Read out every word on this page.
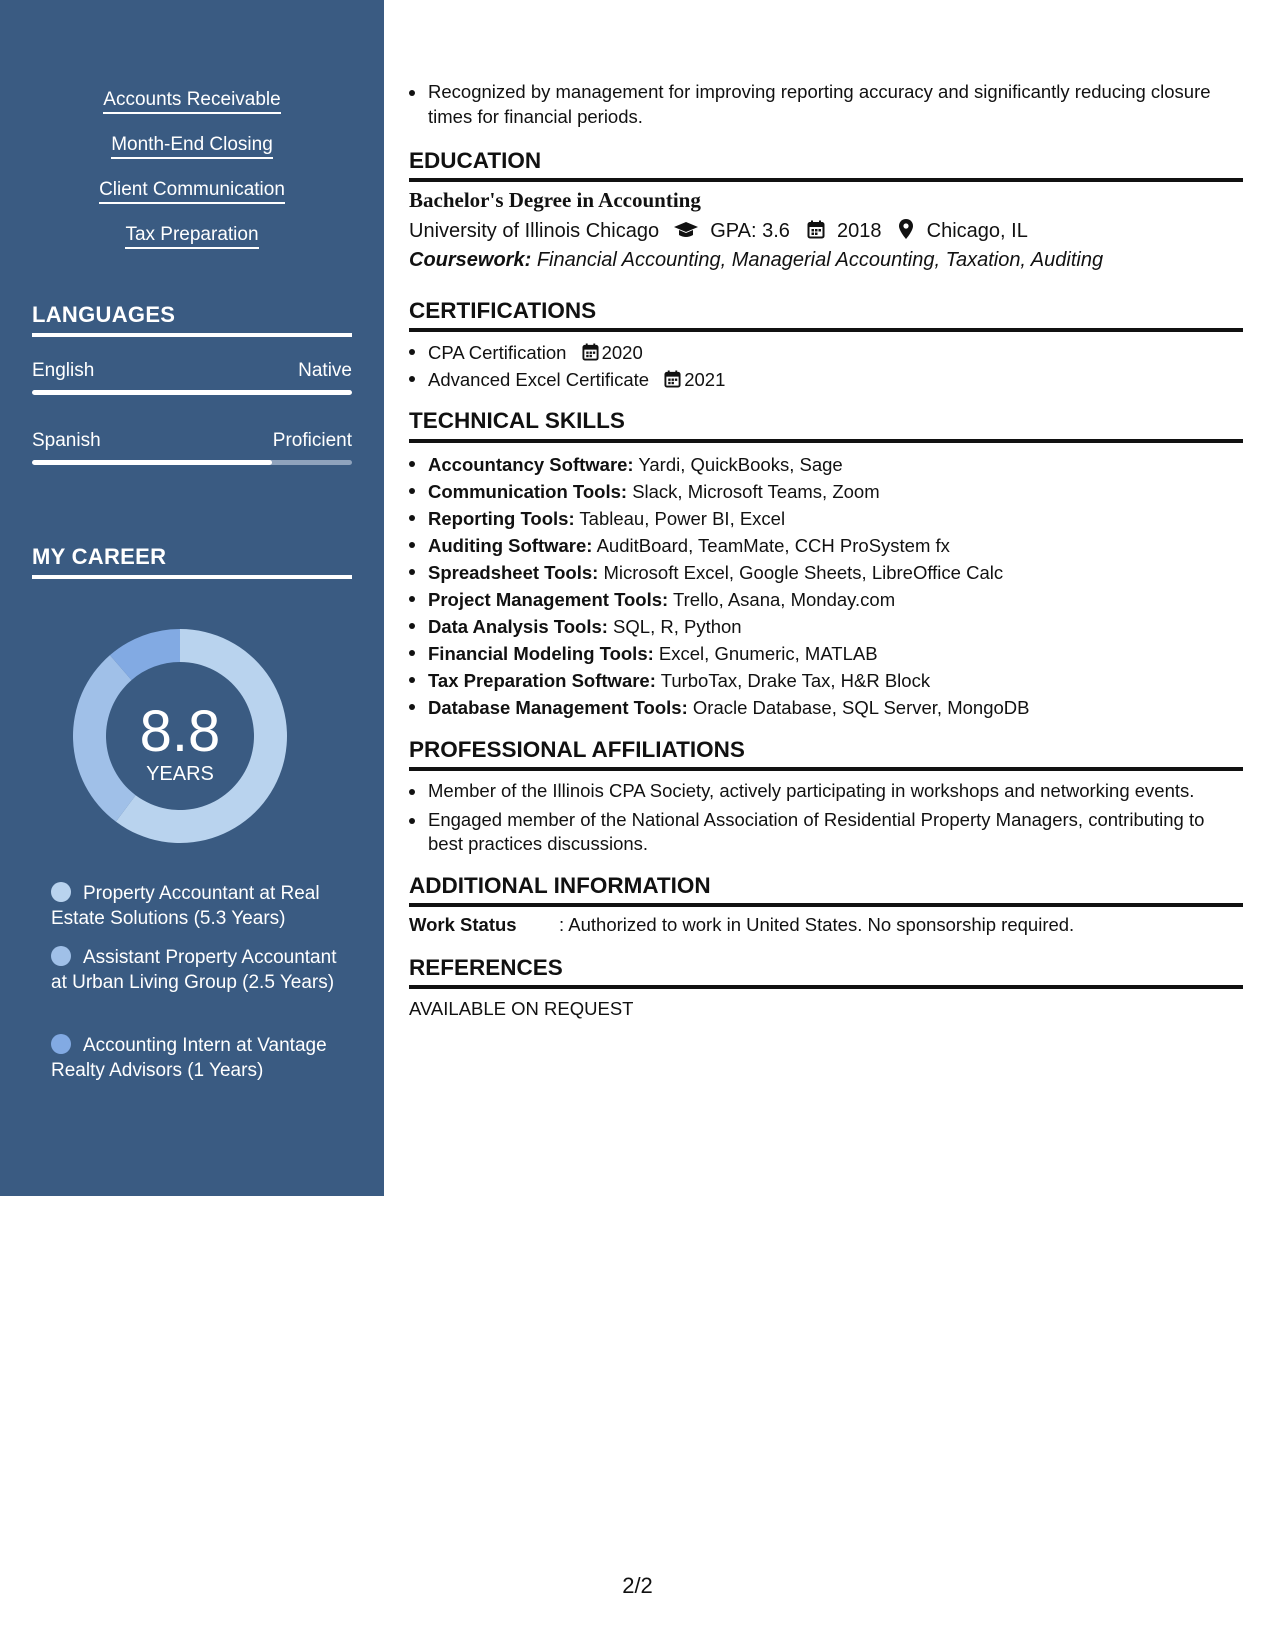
Accounts Receivable
Month-End Closing
Client Communication
Tax Preparation
LANGUAGES
English	Native
Spanish	Proficient
MY CAREER
8.8
YEARS
Property Accountant at Real Estate Solutions (5.3 Years)
Assistant Property Accountant at Urban Living Group (2.5 Years)
Accounting Intern at Vantage Realty Advisors (1 Years)
Recognized by management for improving reporting accuracy and significantly reducing closure times for financial periods.
EDUCATION
Bachelor's Degree in Accounting
University of Illinois Chicago	GPA: 3.6 2018 Chicago, IL
Coursework: Financial Accounting, Managerial Accounting, Taxation, Auditing
CERTIFICATIONS
CPA Certification 2020
Advanced Excel Certificate 2021
TECHNICAL SKILLS
Accountancy Software: Yardi, QuickBooks, Sage
Communication Tools: Slack, Microsoft Teams, Zoom
Reporting Tools: Tableau, Power BI, Excel
Auditing Software: AuditBoard, TeamMate, CCH ProSystem fx
Spreadsheet Tools: Microsoft Excel, Google Sheets, LibreOffice Calc
Project Management Tools: Trello, Asana, Monday.com
Data Analysis Tools: SQL, R, Python
Financial Modeling Tools: Excel, Gnumeric, MATLAB
Tax Preparation Software: TurboTax, Drake Tax, H&R Block
Database Management Tools: Oracle Database, SQL Server, MongoDB
PROFESSIONAL AFFILIATIONS
Member of the Illinois CPA Society, actively participating in workshops and networking events.
Engaged member of the National Association of Residential Property Managers, contributing to best practices discussions.
ADDITIONAL INFORMATION
Work Status : Authorized to work in United States. No sponsorship required.
REFERENCES
AVAILABLE ON REQUEST
2/2
